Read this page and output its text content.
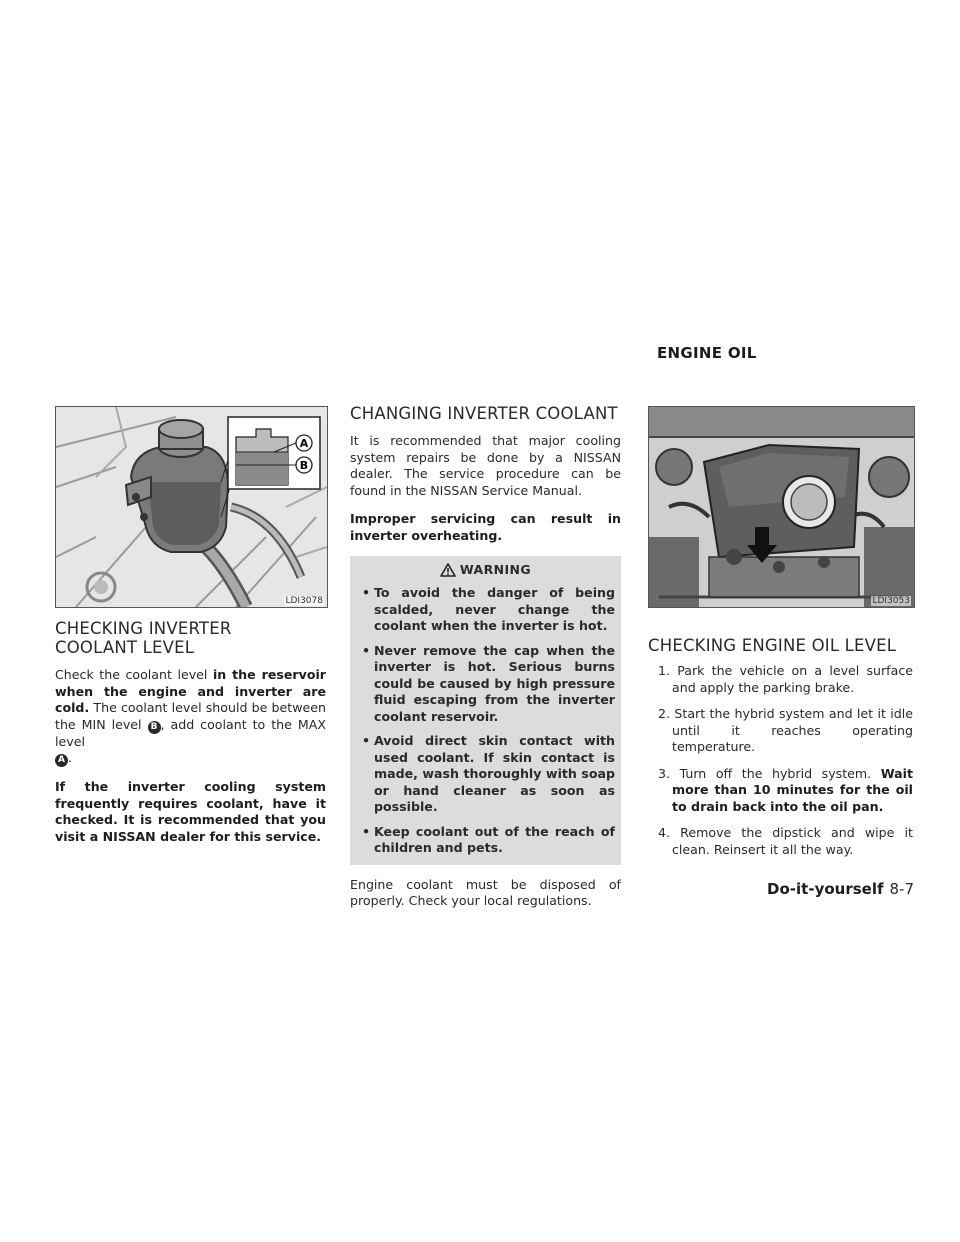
ENGINE OIL
A
B
LDI3078
CHECKING INVERTER COOLANT LEVEL

Check the coolant level in the reservoir when the engine and inverter are cold. The coolant level should be between the MIN level B , add coolant to the MAX level
A .

If the inverter cooling system frequently requires coolant, have it checked. It is recommended that you visit a NISSAN dealer for this service.

CHANGING INVERTER COOLANT

It is recommended that major cooling system repairs be done by a NISSAN dealer. The service procedure can be found in the NISSAN Service Manual.

Improper servicing can result in inverter overheating.

WARNING
• To avoid the danger of being scalded, never change the coolant when the inverter is hot.
• Never remove the cap when the inverter is hot. Serious burns could be caused by high pressure fluid escaping from the inverter coolant reservoir.
• Avoid direct skin contact with used coolant. If skin contact is made, wash thoroughly with soap or hand cleaner as soon as possible.
• Keep coolant out of the reach of children and pets.

Engine coolant must be disposed of properly. Check your local regulations.

LDI3053
CHECKING ENGINE OIL LEVEL
1. Park the vehicle on a level surface and apply the parking brake.
2. Start the hybrid system and let it idle until it reaches operating temperature.
3. Turn off the hybrid system. Wait more than 10 minutes for the oil to drain back into the oil pan.
4. Remove the dipstick and wipe it clean. Reinsert it all the way.
Do-it-yourself 8-7
